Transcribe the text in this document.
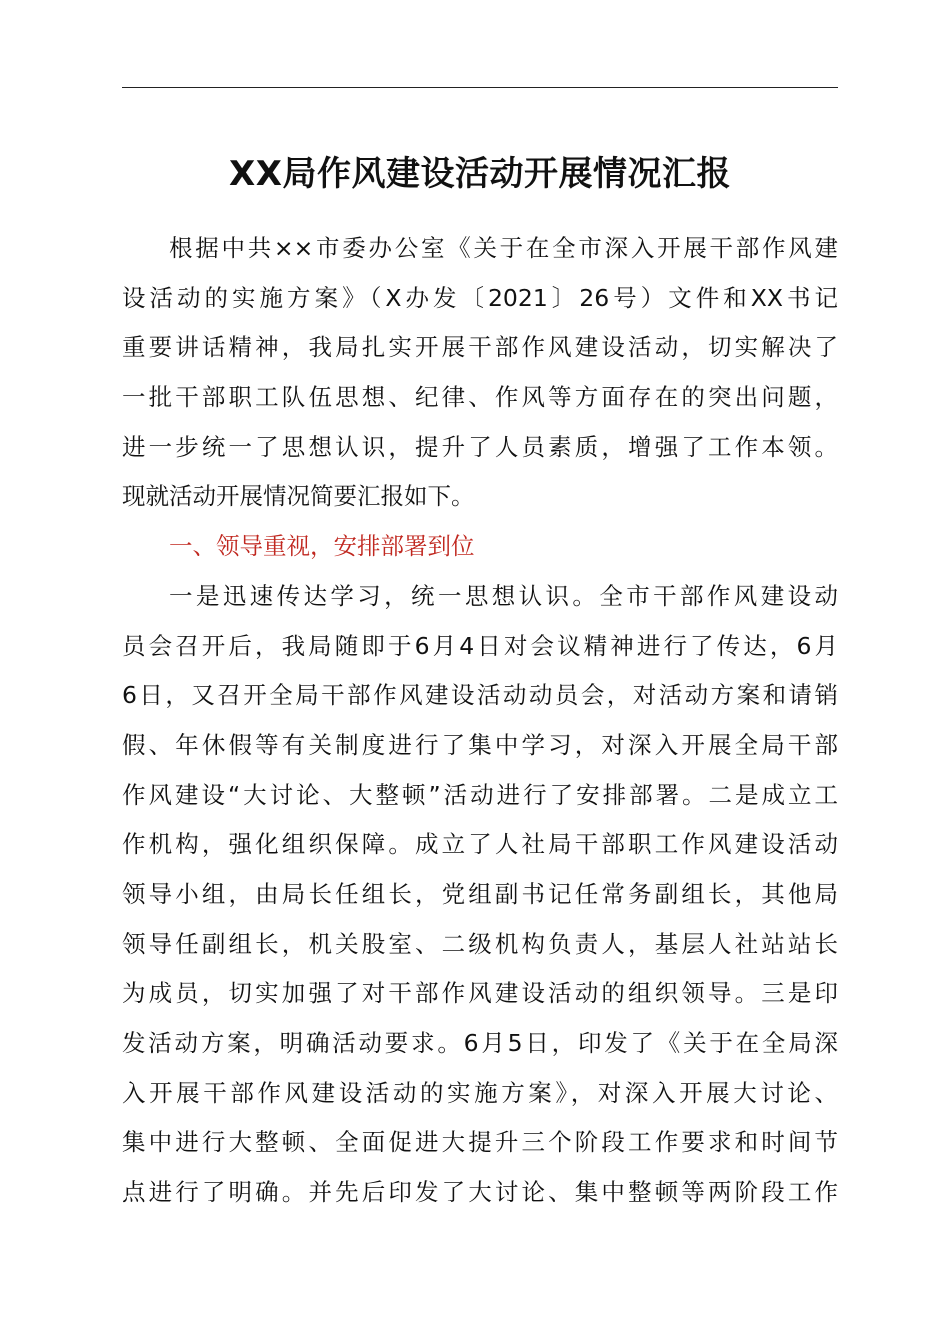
XX局作风建设活动开展情况汇报
根据中共××市委办公室《关于在全市深入开展干部作风建
设活动的实施方案》（X办发〔2021〕26号）文件和XX书记
重要讲话精神，我局扎实开展干部作风建设活动，切实解决了
一批干部职工队伍思想、纪律、作风等方面存在的突出问题，
进一步统一了思想认识，提升了人员素质，增强了工作本领。
现就活动开展情况简要汇报如下。
一、领导重视，安排部署到位
一是迅速传达学习，统一思想认识。全市干部作风建设动
员会召开后，我局随即于6月4日对会议精神进行了传达，6月
6日，又召开全局干部作风建设活动动员会，对活动方案和请销
假、年休假等有关制度进行了集中学习，对深入开展全局干部
作风建设“大讨论、大整顿”活动进行了安排部署。二是成立工
作机构，强化组织保障。成立了人社局干部职工作风建设活动
领导小组，由局长任组长，党组副书记任常务副组长，其他局
领导任副组长，机关股室、二级机构负责人，基层人社站站长
为成员，切实加强了对干部作风建设活动的组织领导。三是印
发活动方案，明确活动要求。6月5日，印发了《关于在全局深
入开展干部作风建设活动的实施方案》，对深入开展大讨论、
集中进行大整顿、全面促进大提升三个阶段工作要求和时间节
点进行了明确。并先后印发了大讨论、集中整顿等两阶段工作
